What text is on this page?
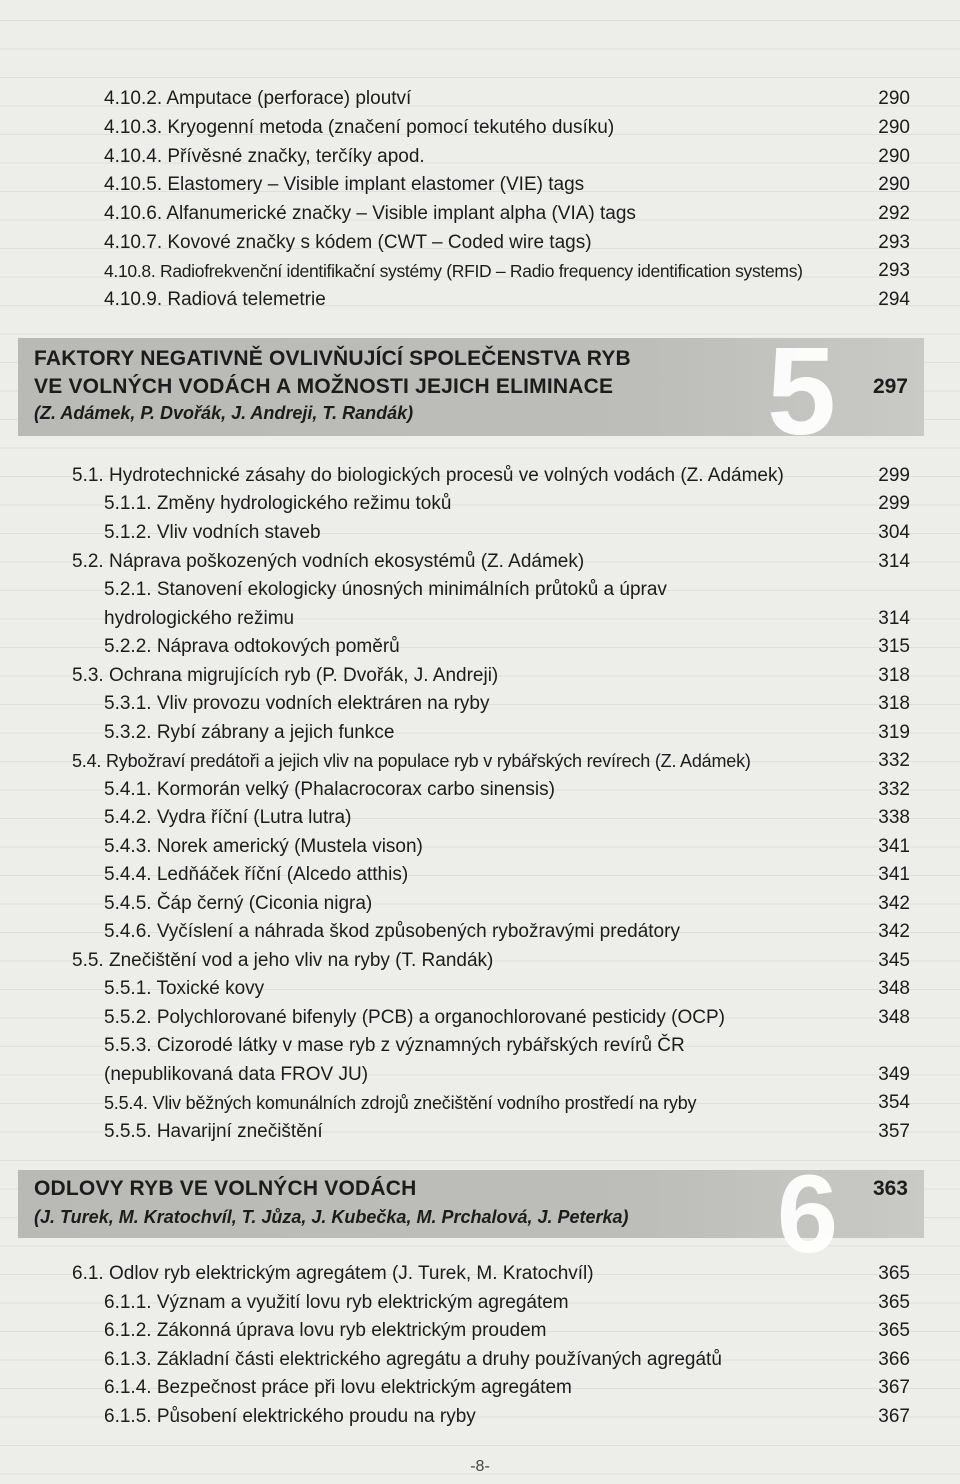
4.10.2. Amputace (perforace) ploutví	290
4.10.3. Kryogenní metoda (značení pomocí tekutého dusíku)	290
4.10.4. Přívěsné značky, terčíky apod.	290
4.10.5. Elastomery – Visible implant elastomer (VIE) tags	290
4.10.6. Alfanumerické značky – Visible implant alpha (VIA) tags	292
4.10.7. Kovové značky s kódem (CWT – Coded wire tags)	293
4.10.8. Radiofrekvenční identifikační systémy (RFID – Radio frequency identification systems)	293
4.10.9. Radiová telemetrie	294
5
FAKTORY NEGATIVNĚ OVLIVŇUJÍCÍ SPOLEČENSTVA RYB
VE VOLNÝCH VODÁCH A MOŽNOSTI JEJICH ELIMINACE
(Z. Adámek, P. Dvořák, J. Andreji, T. Randák)
297
5.1. Hydrotechnické zásahy do biologických procesů ve volných vodách (Z. Adámek)	299
5.1.1. Změny hydrologického režimu toků	299
5.1.2. Vliv vodních staveb	304
5.2. Náprava poškozených vodních ekosystémů (Z. Adámek)	314
5.2.1. Stanovení ekologicky únosných minimálních průtoků a úprav
hydrologického režimu	314
5.2.2. Náprava odtokových poměrů	315
5.3. Ochrana migrujících ryb (P. Dvořák, J. Andreji)	318
5.3.1. Vliv provozu vodních elektráren na ryby	318
5.3.2. Rybí zábrany a jejich funkce	319
5.4. Rybožraví predátoři a jejich vliv na populace ryb v rybářských revírech (Z. Adámek)	332
5.4.1. Kormorán velký (Phalacrocorax carbo sinensis)	332
5.4.2. Vydra říční (Lutra lutra)	338
5.4.3. Norek americký (Mustela vison)	341
5.4.4. Ledňáček říční (Alcedo atthis)	341
5.4.5. Čáp černý (Ciconia nigra)	342
5.4.6. Vyčíslení a náhrada škod způsobených rybožravými predátory	342
5.5. Znečištění vod a jeho vliv na ryby (T. Randák)	345
5.5.1. Toxické kovy	348
5.5.2. Polychlorované bifenyly (PCB) a organochlorované pesticidy (OCP)	348
5.5.3. Cizorodé látky v mase ryb z významných rybářských revírů ČR
(nepublikovaná data FROV JU)	349
5.5.4. Vliv běžných komunálních zdrojů znečištění vodního prostředí na ryby	354
5.5.5. Havarijní znečištění	357
6
ODLOVY RYB VE VOLNÝCH VODÁCH
(J. Turek, M. Kratochvíl, T. Jůza, J. Kubečka, M. Prchalová, J. Peterka)
363
6.1. Odlov ryb elektrickým agregátem (J. Turek, M. Kratochvíl)	365
6.1.1. Význam a využití lovu ryb elektrickým agregátem	365
6.1.2. Zákonná úprava lovu ryb elektrickým proudem	365
6.1.3. Základní části elektrického agregátu a druhy používaných agregátů	366
6.1.4. Bezpečnost práce při lovu elektrickým agregátem	367
6.1.5. Působení elektrického proudu na ryby	367
-8-
